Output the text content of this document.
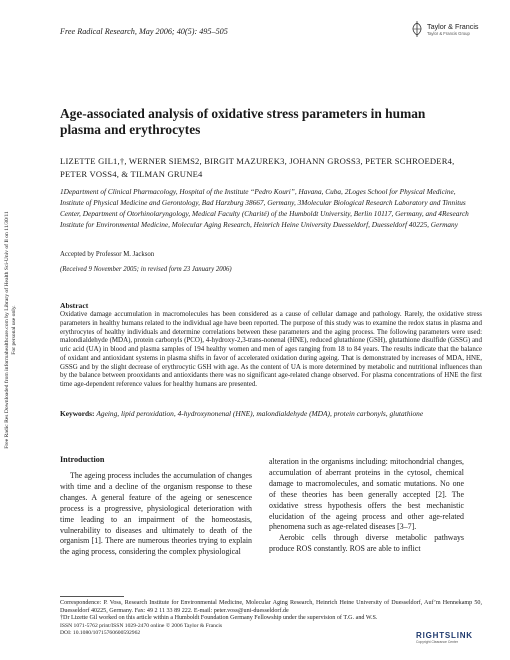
Free Radical Research, May 2006; 40(5): 495–505
Taylor & Francis
Taylor & Francis Group
Free Radic Res Downloaded from informahealthcare.com by Library of Health Sci-Univ of Il on 11/30/11 For personal use only.
Age-associated analysis of oxidative stress parameters in human plasma and erythrocytes
LIZETTE GIL1,†, WERNER SIEMS2, BIRGIT MAZUREK3, JOHANN GROSS3, PETER SCHROEDER4, PETER VOSS4, & TILMAN GRUNE4
1Department of Clinical Pharmacology, Hospital of the Institute “Pedro Kouri”, Havana, Cuba, 2Loges School for Physical Medicine, Institute of Physical Medicine and Gerontology, Bad Harzburg 38667, Germany, 3Molecular Biological Research Laboratory and Tinnitus Center, Department of Otorhinolaryngology, Medical Faculty (Charité) of the Humboldt University, Berlin 10117, Germany, and 4Research Institute for Environmental Medicine, Molecular Aging Research, Heinrich Heine University Duesseldorf, Duesseldorf 40225, Germany
Accepted by Professor M. Jackson
(Received 9 November 2005; in revised form 23 January 2006)
Abstract
Oxidative damage accumulation in macromolecules has been considered as a cause of cellular damage and pathology. Rarely, the oxidative stress parameters in healthy humans related to the individual age have been reported. The purpose of this study was to examine the redox status in plasma and erythrocytes of healthy individuals and determine correlations between these parameters and the aging process. The following parameters were used: malondialdehyde (MDA), protein carbonyls (PCO), 4-hydroxy-2,3-trans-nonenal (HNE), reduced glutathione (GSH), glutathione disulfide (GSSG) and uric acid (UA) in blood and plasma samples of 194 healthy women and men of ages ranging from 18 to 84 years. The results indicate that the balance of oxidant and antioxidant systems in plasma shifts in favor of accelerated oxidation during ageing. That is demonstrated by increases of MDA, HNE, GSSG and by the slight decrease of erythrocytic GSH with age. As the content of UA is more determined by metabolic and nutritional influences than by the balance between prooxidants and antioxidants there was no significant age-related change observed. For plasma concentrations of HNE the first time age-dependent reference values for healthy humans are presented.
Keywords: Ageing, lipid peroxidation, 4-hydroxynonenal (HNE), malondialdehyde (MDA), protein carbonyls, glutathione
Introduction

The ageing process includes the accumulation of changes with time and a decline of the organism response to these changes. A general feature of the ageing or senescence process is a progressive, physiological deterioration with time leading to an impairment of the homeostasis, vulnerability to diseases and ultimately to death of the organism [1]. There are numerous theories trying to explain the aging process, considering the complex physiological

alteration in the organisms including: mitochondrial changes, accumulation of aberrant proteins in the cytosol, chemical damage to macromolecules, and somatic mutations. No one of these theories has been generally accepted [2]. The oxidative stress hypothesis offers the best mechanistic elucidation of the ageing process and other age-related phenomena such as age-related diseases [3–7].

Aerobic cells through diverse metabolic pathways produce ROS constantly. ROS are able to inflict

Correspondence: P. Voss, Research Institute for Environmental Medicine, Molecular Aging Research, Heinrich Heine University of Duesseldorf, Auf’m Hennekamp 50, Duesseldorf 40225, Germany. Fax: 49 2 11 33 89 222. E-mail: peter.voss@uni-duesseldorf.de
†Dr Lizette Gil worked on this article within a Humboldt Foundation Germany Fellowship under the supervision of T.G. and W.S.
ISSN 1071-5762 print/ISSN 1029-2470 online © 2006 Taylor & Francis
DOI: 10.1080/10715760600592962	RIGHTSLINK
Copyright Clearance Center
